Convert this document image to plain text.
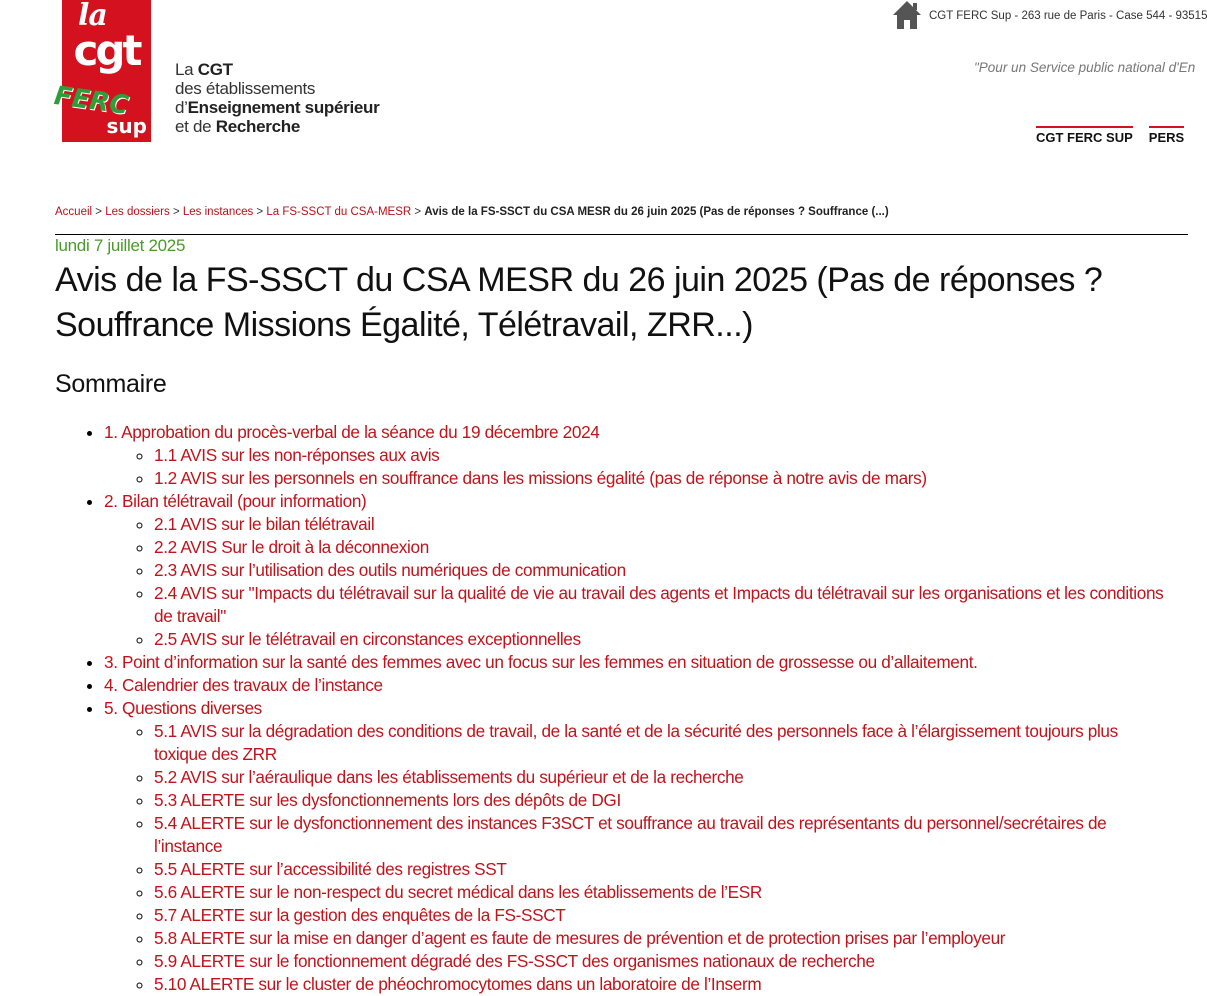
la
cgt
FERC
sup
La CGT
des établissements
d’Enseignement supérieur
et de Recherche
CGT FERC Sup - 263 rue de Paris - Case 544 - 93515
"Pour un Service public national d'En
CGT FERC SUP PERS
Accueil > Les dossiers > Les instances > La FS-SSCT du CSA-MESR > Avis de la FS-SSCT du CSA MESR du 26 juin 2025 (Pas de réponses ? Souffrance (...)
lundi 7 juillet 2025
Avis de la FS-SSCT du CSA MESR du 26 juin 2025 (Pas de réponses ? Souffrance Missions Égalité, Télétravail, ZRR...)
Sommaire
• 1. Approbation du procès-verbal de la séance du 19 décembre 2024
◦ 1.1 AVIS sur les non-réponses aux avis
◦ 1.2 AVIS sur les personnels en souffrance dans les missions égalité (pas de réponse à notre avis de mars)
• 2. Bilan télétravail (pour information)
◦ 2.1 AVIS sur le bilan télétravail
◦ 2.2 AVIS Sur le droit à la déconnexion
◦ 2.3 AVIS sur l’utilisation des outils numériques de communication
◦ 2.4 AVIS sur "Impacts du télétravail sur la qualité de vie au travail des agents et Impacts du télétravail sur les organisations et les conditions de travail"
◦ 2.5 AVIS sur le télétravail en circonstances exceptionnelles
• 3. Point d’information sur la santé des femmes avec un focus sur les femmes en situation de grossesse ou d’allaitement.
• 4. Calendrier des travaux de l’instance
• 5. Questions diverses
◦ 5.1 AVIS sur la dégradation des conditions de travail, de la santé et de la sécurité des personnels face à l’élargissement toujours plus toxique des ZRR
◦ 5.2 AVIS sur l’aéraulique dans les établissements du supérieur et de la recherche
◦ 5.3 ALERTE sur les dysfonctionnements lors des dépôts de DGI
◦ 5.4 ALERTE sur le dysfonctionnement des instances F3SCT et souffrance au travail des représentants du personnel/secrétaires de l’instance
◦ 5.5 ALERTE sur l’accessibilité des registres SST
◦ 5.6 ALERTE sur le non-respect du secret médical dans les établissements de l’ESR
◦ 5.7 ALERTE sur la gestion des enquêtes de la FS-SSCT
◦ 5.8 ALERTE sur la mise en danger d’agent es faute de mesures de prévention et de protection prises par l’employeur
◦ 5.9 ALERTE sur le fonctionnement dégradé des FS-SSCT des organismes nationaux de recherche
◦ 5.10 ALERTE sur le cluster de phéochromocytomes dans un laboratoire de l’Inserm
